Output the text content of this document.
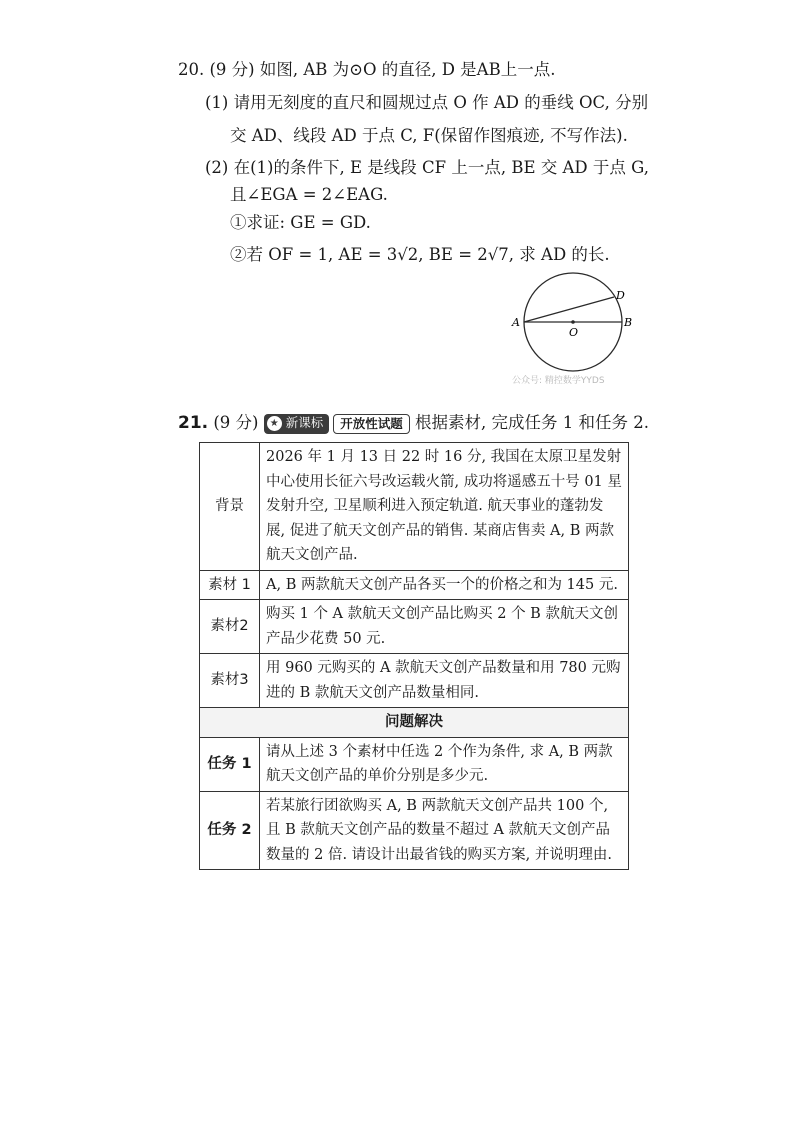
20. (9 分) 如图, AB 为⊙O 的直径, D 是AB上一点.
(1) 请用无刻度的直尺和圆规过点 O 作 AD 的垂线 OC, 分别
交 AD、线段 AD 于点 C, F(保留作图痕迹, 不写作法).
(2) 在(1)的条件下, E 是线段 CF 上一点, BE 交 AD 于点 G,
且∠EGA = 2∠EAG.
①求证: GE = GD.
②若 OF = 1, AE = 3√2, BE = 2√7, 求 AD 的长.
A	B
O
D
公众号: 精控数学YYDS
21. (9 分)	★ 新课标 开放性试题 根据素材, 完成任务 1 和任务 2.
背景	2026 年 1 月 13 日 22 时 16 分, 我国在太原卫星发射中心使用长征六号改运载火箭, 成功将遥感五十号 01 星发射升空, 卫星顺利进入预定轨道. 航天事业的蓬勃发展, 促进了航天文创产品的销售. 某商店售卖 A, B 两款航天文创产品.
素材 1	A, B 两款航天文创产品各买一个的价格之和为 145 元.
素材2	购买 1 个 A 款航天文创产品比购买 2 个 B 款航天文创产品少花费 50 元.
素材3	用 960 元购买的 A 款航天文创产品数量和用 780 元购进的 B 款航天文创产品数量相同.
问题解决	
任务 1	请从上述 3 个素材中任选 2 个作为条件, 求 A, B 两款航天文创产品的单价分别是多少元.
任务 2	若某旅行团欲购买 A, B 两款航天文创产品共 100 个, 且 B 款航天文创产品的数量不超过 A 款航天文创产品数量的 2 倍. 请设计出最省钱的购买方案, 并说明理由.
